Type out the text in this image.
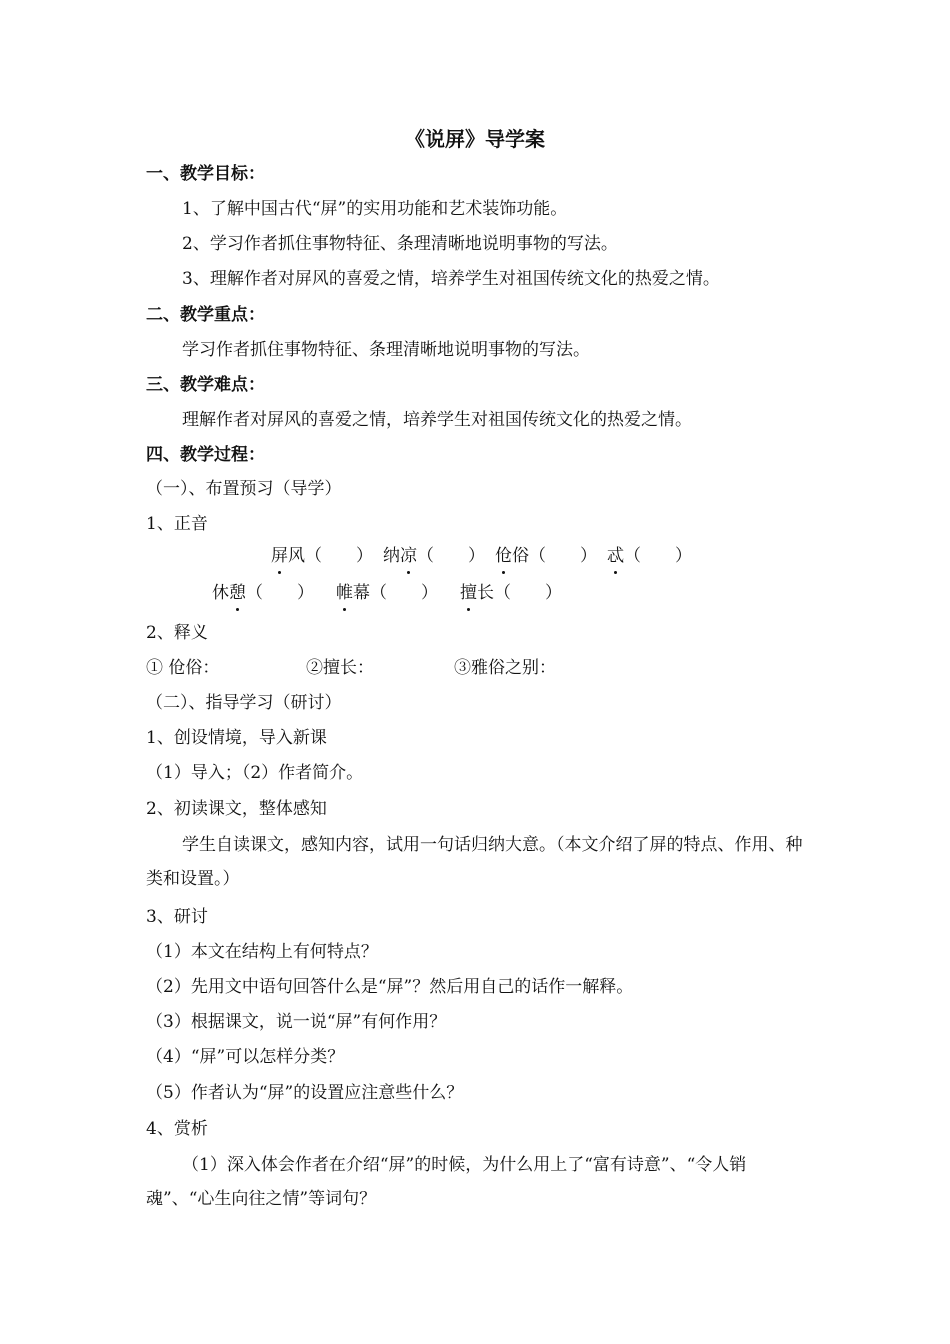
《说屏》导学案
一、教学目标：
1、了解中国古代“屏”的实用功能和艺术装饰功能。
2、学习作者抓住事物特征、条理清晰地说明事物的写法。
3、理解作者对屏风的喜爱之情，培养学生对祖国传统文化的热爱之情。
二、教学重点：
学习作者抓住事物特征、条理清晰地说明事物的写法。
三、教学难点：
理解作者对屏风的喜爱之情，培养学生对祖国传统文化的热爱之情。
四、教学过程：
（一）、布置预习（导学）
1、正音
屏风（　　） 纳凉（　　） 伧俗（　　） 忒（　　）
休憩（　　） 帷幕（　　） 擅长（　　）
2、释义
① 伧俗：	②擅长：	③雅俗之别：
（二）、指导学习（研讨）
1、创设情境，导入新课
（1）导入；（2）作者简介。
2、初读课文，整体感知
学生自读课文，感知内容，试用一句话归纳大意。（本文介绍了屏的特点、作用、种类和设置。）
3、研讨
（1）本文在结构上有何特点？
（2）先用文中语句回答什么是“屏”？然后用自己的话作一解释。
（3）根据课文，说一说“屏”有何作用？
（4）“屏”可以怎样分类？
（5）作者认为“屏”的设置应注意些什么？
4、赏析
（1）深入体会作者在介绍“屏”的时候，为什么用上了“富有诗意”、“令人销魂”、“心生向往之情”等词句？
